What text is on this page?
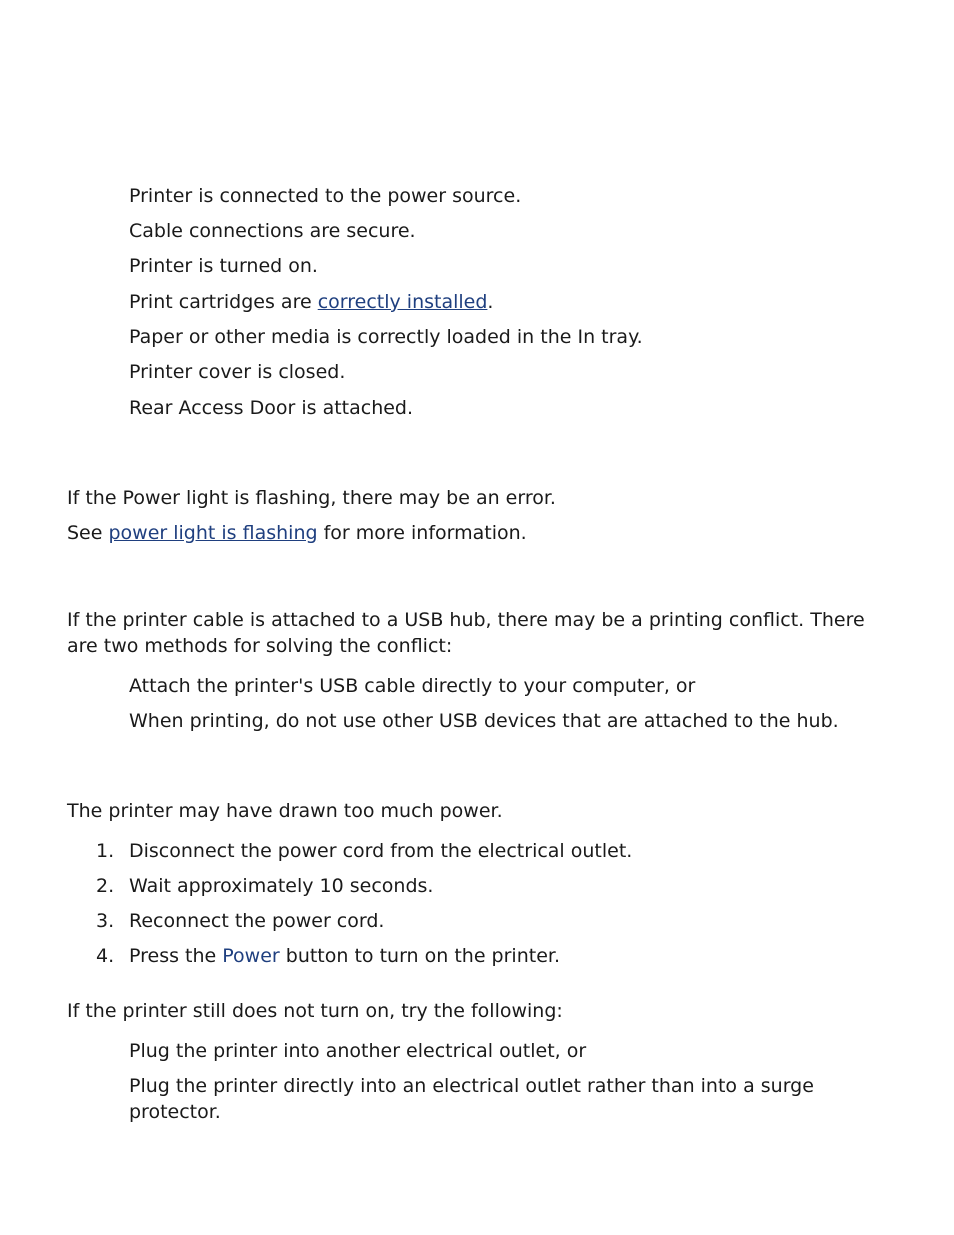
Printer is connected to the power source.
Cable connections are secure.
Printer is turned on.
Print cartridges are correctly installed.
Paper or other media is correctly loaded in the In tray.
Printer cover is closed.
Rear Access Door is attached.
If the Power light is flashing, there may be an error.
See power light is flashing for more information.
If the printer cable is attached to a USB hub, there may be a printing conflict. There
are two methods for solving the conflict:
Attach the printer's USB cable directly to your computer, or
When printing, do not use other USB devices that are attached to the hub.
The printer may have drawn too much power.
1. Disconnect the power cord from the electrical outlet.
2. Wait approximately 10 seconds.
3. Reconnect the power cord.
4. Press the Power button to turn on the printer.
If the printer still does not turn on, try the following:
Plug the printer into another electrical outlet, or
Plug the printer directly into an electrical outlet rather than into a surge
protector.
